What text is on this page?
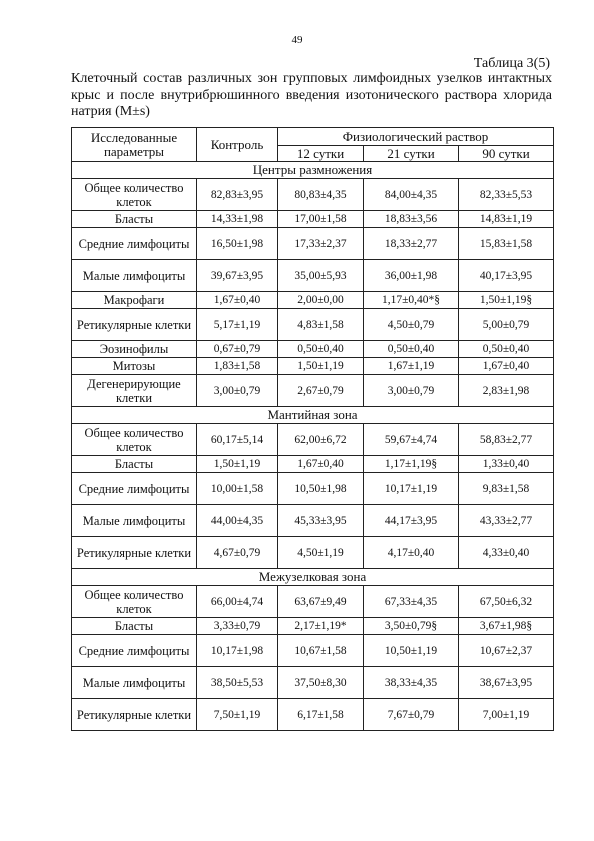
49
Таблица 3(5)
Клеточный состав различных зон групповых лимфоидных узелков интактных крыс и после внутрибрюшинного введения изотонического раствора хлорида натрия (M±s)
Исследованные параметры	Контроль	Физиологический раствор		
		12 сутки	21 сутки	90 сутки
Центры размножения				
Общее количество клеток	82,83±3,95	80,83±4,35	84,00±4,35	82,33±5,53
Бласты	14,33±1,98	17,00±1,58	18,83±3,56	14,83±1,19
Средние лимфоциты	16,50±1,98	17,33±2,37	18,33±2,77	15,83±1,58
Малые лимфоциты	39,67±3,95	35,00±5,93	36,00±1,98	40,17±3,95
Макрофаги	1,67±0,40	2,00±0,00	1,17±0,40*§	1,50±1,19§
Ретикулярные клетки	5,17±1,19	4,83±1,58	4,50±0,79	5,00±0,79
Эозинофилы	0,67±0,79	0,50±0,40	0,50±0,40	0,50±0,40
Митозы	1,83±1,58	1,50±1,19	1,67±1,19	1,67±0,40
Дегенерирующие клетки	3,00±0,79	2,67±0,79	3,00±0,79	2,83±1,98
Мантийная зона				
Общее количество клеток	60,17±5,14	62,00±6,72	59,67±4,74	58,83±2,77
Бласты	1,50±1,19	1,67±0,40	1,17±1,19§	1,33±0,40
Средние лимфоциты	10,00±1,58	10,50±1,98	10,17±1,19	9,83±1,58
Малые лимфоциты	44,00±4,35	45,33±3,95	44,17±3,95	43,33±2,77
Ретикулярные клетки	4,67±0,79	4,50±1,19	4,17±0,40	4,33±0,40
Межузелковая зона				
Общее количество клеток	66,00±4,74	63,67±9,49	67,33±4,35	67,50±6,32
Бласты	3,33±0,79	2,17±1,19*	3,50±0,79§	3,67±1,98§
Средние лимфоциты	10,17±1,98	10,67±1,58	10,50±1,19	10,67±2,37
Малые лимфоциты	38,50±5,53	37,50±8,30	38,33±4,35	38,67±3,95
Ретикулярные клетки	7,50±1,19	6,17±1,58	7,67±0,79	7,00±1,19
